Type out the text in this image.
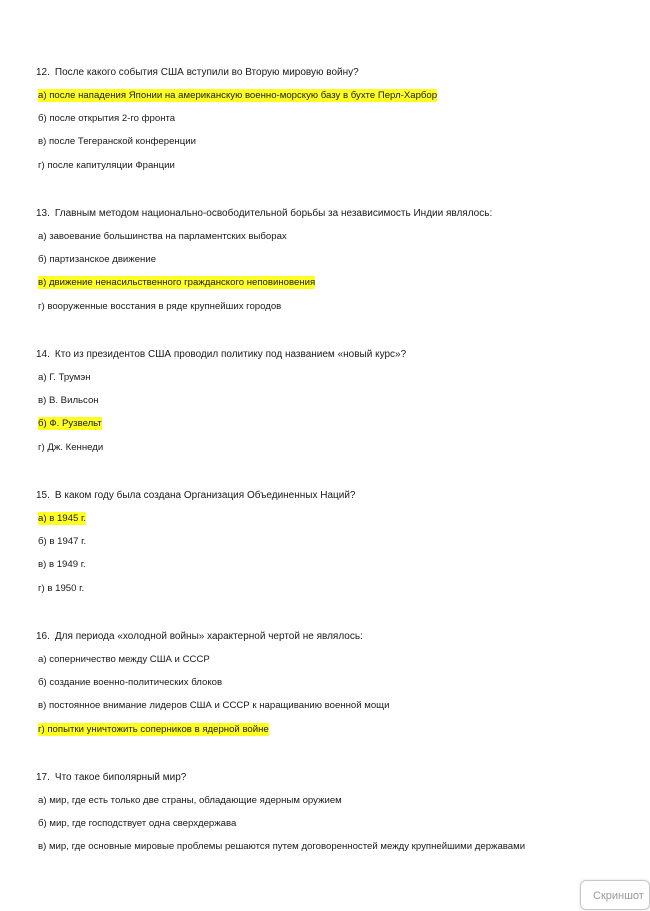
12. После какого события США вступили во Вторую мировую войну?
а) после нападения Японии на американскую военно-морскую базу в бухте Перл-Харбор
б) после открытия 2-го фронта
в) после Тегеранской конференции
г) после капитуляции Франции
13. Главным методом национально-освободительной борьбы за независимость Индии являлось:
а) завоевание большинства на парламентских выборах
б) партизанское движение
в) движение ненасильственного гражданского неповиновения
г) вооруженные восстания в ряде крупнейших городов
14. Кто из президентов США проводил политику под названием «новый курс»?
а) Г. Трумэн
в) В. Вильсон
б) Ф. Рузвельт
г) Дж. Кеннеди
15. В каком году была создана Организация Объединенных Наций?
а) в 1945 г.
б) в 1947 г.
в) в 1949 г.
г) в 1950 г.
16. Для периода «холодной войны» характерной чертой не являлось:
а) соперничество между США и СССР
б) создание военно-политических блоков
в) постоянное внимание лидеров США и СССР к наращиванию военной мощи
г) попытки уничтожить соперников в ядерной войне
17. Что такое биполярный мир?
а) мир, где есть только две страны, обладающие ядерным оружием
б) мир, где господствует одна сверхдержава
в) мир, где основные мировые проблемы решаются путем договоренностей между крупнейшими державами
Скриншот
